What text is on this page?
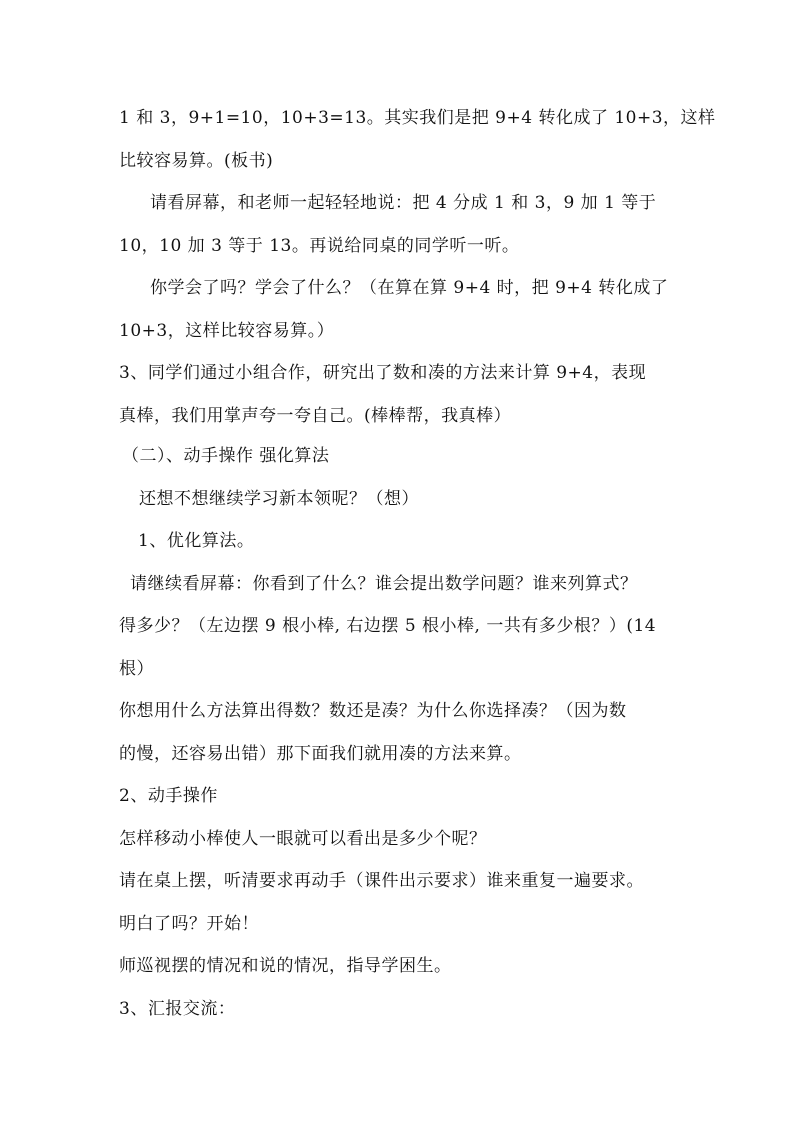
1 和 3，9+1=10，10+3=13。其实我们是把 9+4 转化成了 10+3，这样
比较容易算。(板书)
请看屏幕，和老师一起轻轻地说：把 4 分成 1 和 3，9 加 1 等于
10，10 加 3 等于 13。再说给同桌的同学听一听。
你学会了吗？学会了什么？（在算在算 9+4 时，把 9+4 转化成了
10+3，这样比较容易算。）
3、同学们通过小组合作，研究出了数和凑的方法来计算 9+4，表现
真棒，我们用掌声夸一夸自己。(棒棒帮，我真棒）
（二）、动手操作 强化算法
还想不想继续学习新本领呢？（想）
1、优化算法。
请继续看屏幕：你看到了什么？谁会提出数学问题？谁来列算式？
得多少？（左边摆 9 根小棒, 右边摆 5 根小棒, 一共有多少根？）(14
根）
你想用什么方法算出得数？数还是凑？为什么你选择凑？（因为数
的慢，还容易出错）那下面我们就用凑的方法来算。
2、动手操作
怎样移动小棒使人一眼就可以看出是多少个呢？
请在桌上摆，听清要求再动手（课件出示要求）谁来重复一遍要求。
明白了吗？开始！
师巡视摆的情况和说的情况，指导学困生。
3、汇报交流：
